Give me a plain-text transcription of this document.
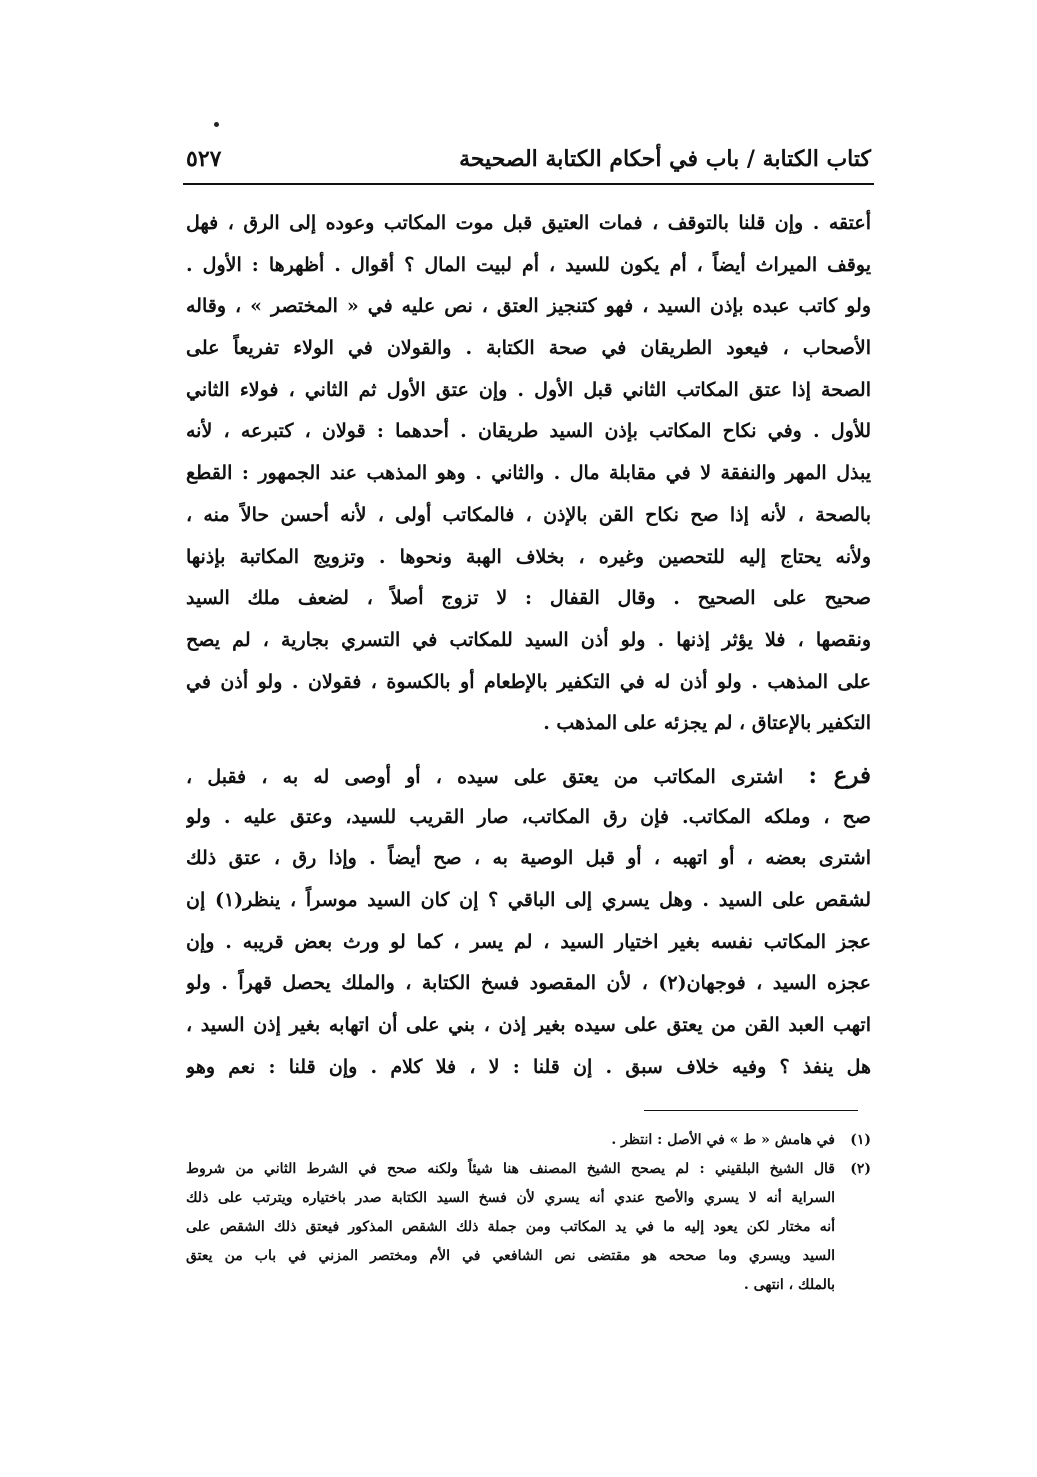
كتاب الكتابة / باب في أحكام الكتابة الصحيحة
٥٢٧
أعتقه . وإن قلنا بالتوقف ، فمات العتيق قبل موت المكاتب وعوده إلى الرق ، فهل
يوقف الميراث أيضاً ، أم يكون للسيد ، أم لبيت المال ؟ أقوال . أظهرها : الأول .
ولو كاتب عبده بإذن السيد ، فهو كتنجيز العتق ، نص عليه في « المختصر » ، وقاله
الأصحاب ، فيعود الطريقان في صحة الكتابة . والقولان في الولاء تفريعاً على
الصحة إذا عتق المكاتب الثاني قبل الأول . وإن عتق الأول ثم الثاني ، فولاء الثاني
للأول . وفي نكاح المكاتب بإذن السيد طريقان . أحدهما : قولان ، كتبرعه ، لأنه
يبذل المهر والنفقة لا في مقابلة مال . والثاني . وهو المذهب عند الجمهور : القطع
بالصحة ، لأنه إذا صح نكاح القن بالإذن ، فالمكاتب أولى ، لأنه أحسن حالاً منه ،
ولأنه يحتاج إليه للتحصين وغيره ، بخلاف الهبة ونحوها . وتزويج المكاتبة بإذنها
صحيح على الصحيح . وقال القفال : لا تزوج أصلاً ، لضعف ملك السيد
ونقصها ، فلا يؤثر إذنها . ولو أذن السيد للمكاتب في التسري بجارية ، لم يصح
على المذهب . ولو أذن له في التكفير بالإطعام أو بالكسوة ، فقولان . ولو أذن في
التكفير بالإعتاق ، لم يجزئه على المذهب .
فرع : اشترى المكاتب من يعتق على سيده ، أو أوصى له به ، فقبل ،
صح ، وملكه المكاتب. فإن رق المكاتب، صار القريب للسيد، وعتق عليه . ولو
اشترى بعضه ، أو اتهبه ، أو قبل الوصية به ، صح أيضاً . وإذا رق ، عتق ذلك
لشقص على السيد . وهل يسري إلى الباقي ؟ إن كان السيد موسراً ، ينظر(١) إن
عجز المكاتب نفسه بغير اختيار السيد ، لم يسر ، كما لو ورث بعض قريبه . وإن
عجزه السيد ، فوجهان(٢) ، لأن المقصود فسخ الكتابة ، والملك يحصل قهراً . ولو
اتهب العبد القن من يعتق على سيده بغير إذن ، بني على أن اتهابه بغير إذن السيد ،
هل ينفذ ؟ وفيه خلاف سبق . إن قلنا : لا ، فلا كلام . وإن قلنا : نعم وهو
(١)
في هامش « ط » في الأصل : انتظر .
(٢)
قال الشيخ البلقيني : لم يصحح الشيخ المصنف هنا شيئاً ولكنه صحح في الشرط الثاني من شروط
السراية أنه لا يسري والأصح عندي أنه يسري لأن فسخ السيد الكتابة صدر باختياره ويترتب على ذلك
أنه مختار لكن يعود إليه ما في يد المكاتب ومن جملة ذلك الشقص المذكور فيعتق ذلك الشقص على
السيد ويسري وما صححه هو مقتضى نص الشافعي في الأم ومختصر المزني في باب من يعتق
بالملك ، انتهى .
